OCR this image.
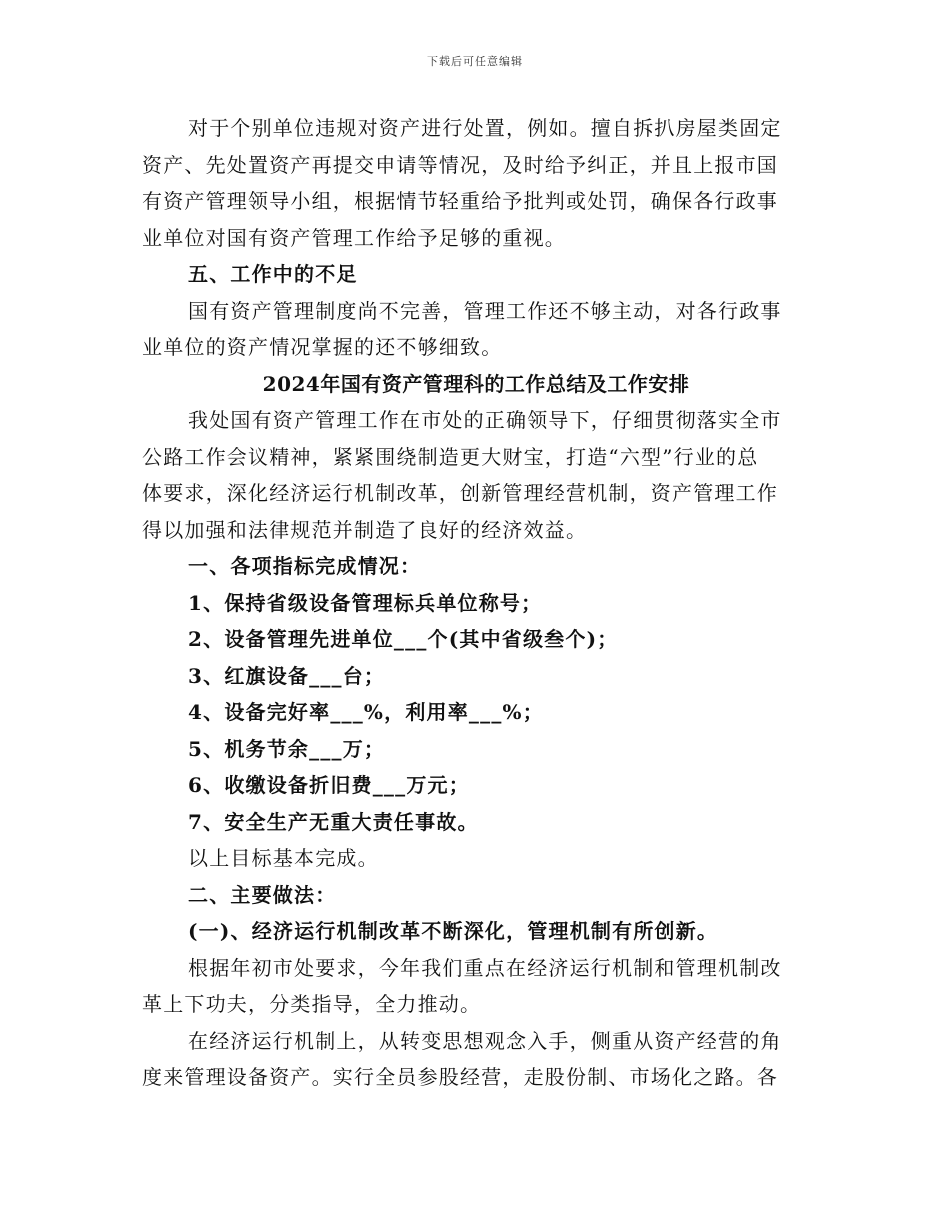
下载后可任意编辑
对于个别单位违规对资产进行处置，例如。擅自拆扒房屋类固定
资产、先处置资产再提交申请等情况，及时给予纠正，并且上报市国
有资产管理领导小组，根据情节轻重给予批判或处罚，确保各行政事
业单位对国有资产管理工作给予足够的重视。
五、工作中的不足
国有资产管理制度尚不完善，管理工作还不够主动，对各行政事
业单位的资产情况掌握的还不够细致。
2024年国有资产管理科的工作总结及工作安排
我处国有资产管理工作在市处的正确领导下，仔细贯彻落实全市
公路工作会议精神，紧紧围绕制造更大财宝，打造“六型”行业的总
体要求，深化经济运行机制改革，创新管理经营机制，资产管理工作
得以加强和法律规范并制造了良好的经济效益。
一、各项指标完成情况：
1、保持省级设备管理标兵单位称号；
2、设备管理先进单位___个(其中省级叁个)；
3、红旗设备___台；
4、设备完好率___%，利用率___%；
5、机务节余___万；
6、收缴设备折旧费___万元；
7、安全生产无重大责任事故。
以上目标基本完成。
二、主要做法：
(一)、经济运行机制改革不断深化，管理机制有所创新。
根据年初市处要求，今年我们重点在经济运行机制和管理机制改
革上下功夫，分类指导，全力推动。
在经济运行机制上，从转变思想观念入手，侧重从资产经营的角
度来管理设备资产。实行全员参股经营，走股份制、市场化之路。各
